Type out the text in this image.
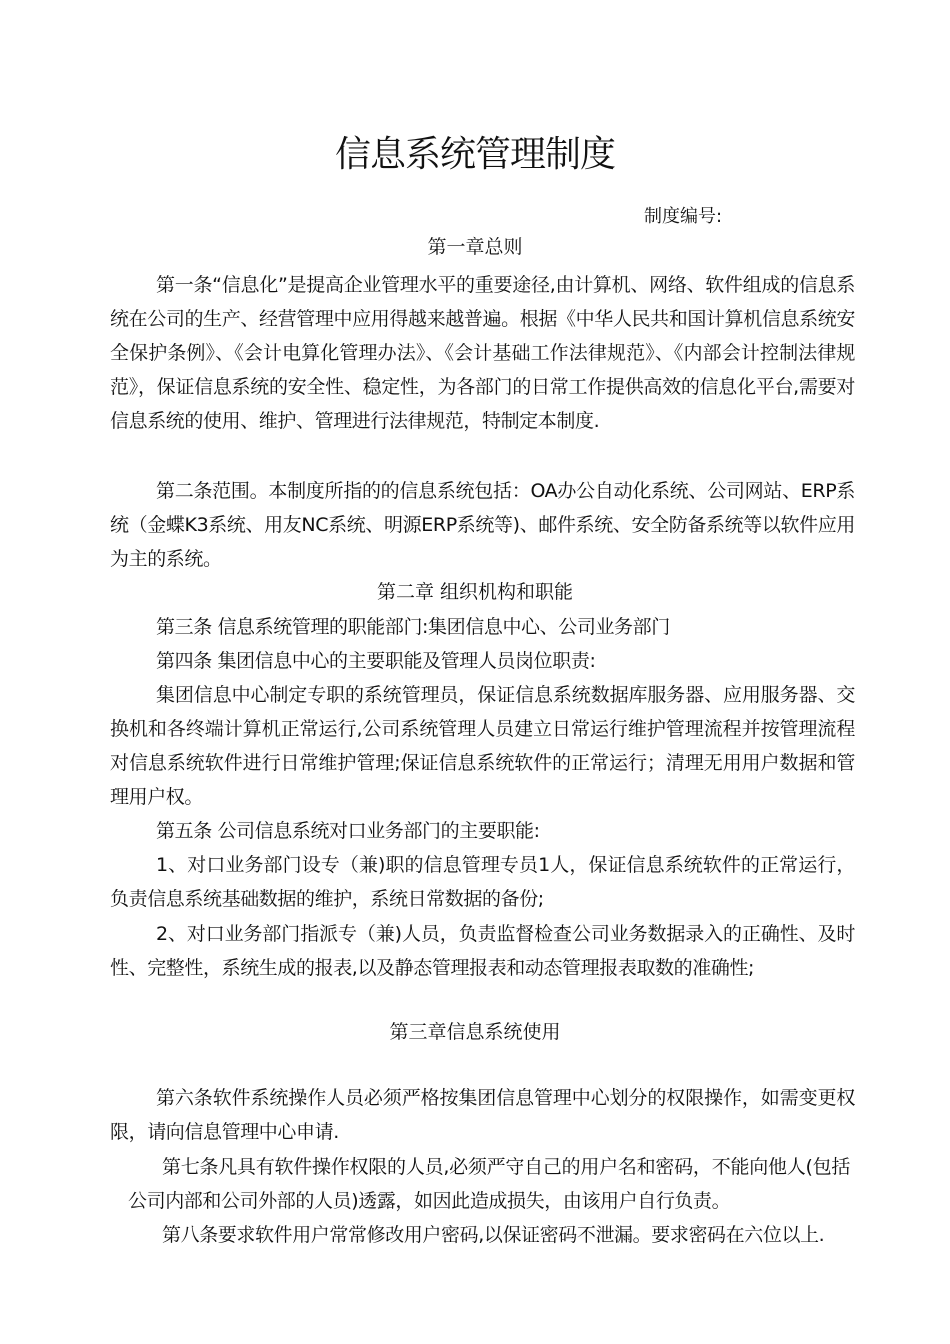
信息系统管理制度
制度编号:
第一章总则
第一条“信息化”是提高企业管理水平的重要途径,由计算机、网络、软件组成的信息系统在公司的生产、经营管理中应用得越来越普遍。根据《中华人民共和国计算机信息系统安全保护条例》、《会计电算化管理办法》、《会计基础工作法律规范》、《内部会计控制法律规范》，保证信息系统的安全性、稳定性，为各部门的日常工作提供高效的信息化平台,需要对信息系统的使用、维护、管理进行法律规范，特制定本制度.
第二条范围。本制度所指的的信息系统包括：OA办公自动化系统、公司网站、ERP系统（金蝶K3系统、用友NC系统、明源ERP系统等)、邮件系统、安全防备系统等以软件应用为主的系统。
第二章 组织机构和职能
第三条 信息系统管理的职能部门:集团信息中心、公司业务部门
第四条 集团信息中心的主要职能及管理人员岗位职责:
集团信息中心制定专职的系统管理员，保证信息系统数据库服务器、应用服务器、交换机和各终端计算机正常运行,公司系统管理人员建立日常运行维护管理流程并按管理流程对信息系统软件进行日常维护管理;保证信息系统软件的正常运行；清理无用用户数据和管理用户权。
第五条 公司信息系统对口业务部门的主要职能:
1、对口业务部门设专（兼)职的信息管理专员1人，保证信息系统软件的正常运行，负责信息系统基础数据的维护，系统日常数据的备份;
2、对口业务部门指派专（兼)人员，负责监督检查公司业务数据录入的正确性、及时性、完整性，系统生成的报表,以及静态管理报表和动态管理报表取数的准确性;
第三章信息系统使用
第六条软件系统操作人员必须严格按集团信息管理中心划分的权限操作，如需变更权限，请向信息管理中心申请.
第七条凡具有软件操作权限的人员,必须严守自己的用户名和密码，不能向他人(包括公司内部和公司外部的人员)透露，如因此造成损失，由该用户自行负责。
第八条要求软件用户常常修改用户密码,以保证密码不泄漏。要求密码在六位以上.
